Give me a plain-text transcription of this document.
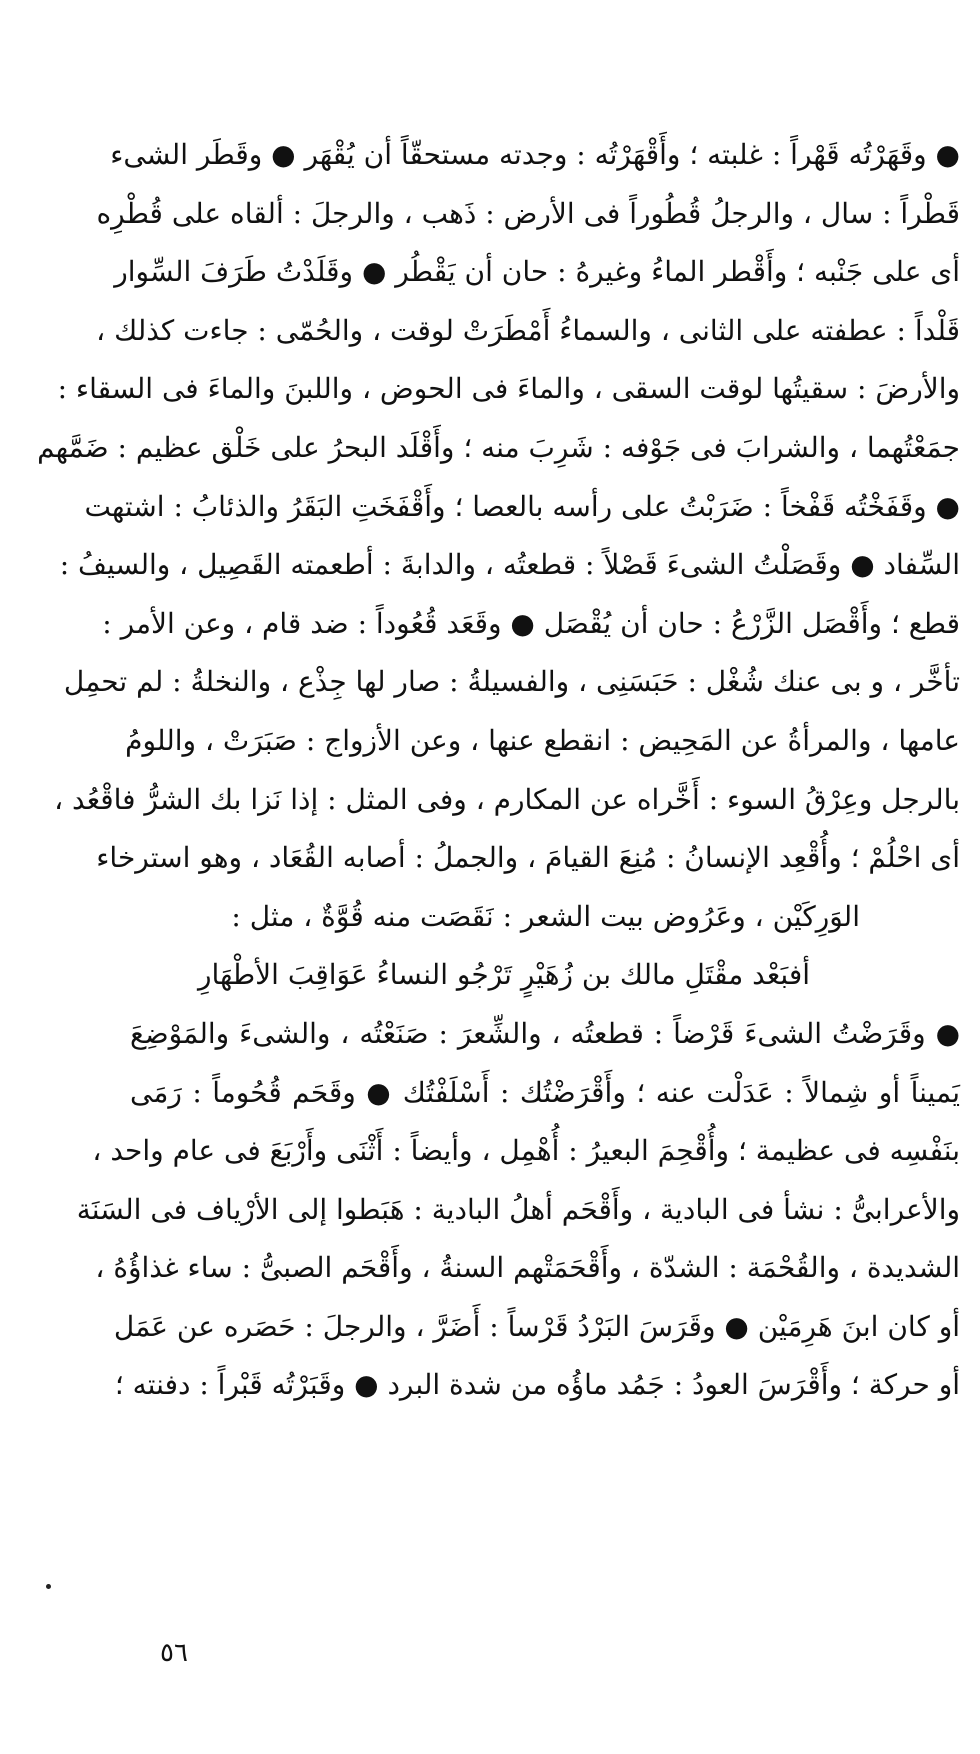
● وقَهَرْتُه قَهْراً : غلبته ؛ وأَقْهَرْتُه : وجدته مستحقّاً أن يُقْهَر ● وقَطَر الشىء
قَطْراً : سال ، والرجلُ قُطُوراً فى الأرض : ذَهب ، والرجلَ : ألقاه على قُطْرِه
أى على جَنْبه ؛ وأَقْطر الماءُ وغيرهُ : حان أن يَقْطُر ● وقَلَدْتُ طَرَفَ السِّوار
قَلْداً : عطفته على الثانى ، والسماءُ أَمْطَرَتْ لوقت ، والحُمّى : جاءت كذلك ،
والأرضَ : سقيتُها لوقت السقى ، والماءَ فى الحوض ، واللبنَ والماءَ فى السقاء :
جمَعْتُهما ، والشرابَ فى جَوْفه : شَرِبَ منه ؛ وأَقْلَد البحرُ على خَلْق عظيم : ضَمَّهم
● وقَفَخْتُه قَفْخاً : ضَرَبْتُ على رأسه بالعصا ؛ وأَقْفَخَتِ البَقَرُ والذئابُ : اشتهت
السِّفاد ● وقَصَلْتُ الشىءَ قَصْلاً : قطعتُه ، والدابةَ : أطعمته القَصِيل ، والسيفُ :
قطع ؛ وأَقْصَل الزَّرْعُ : حان أن يُقْصَل ● وقَعَد قُعُوداً : ضد قام ، وعن الأمر :
تأخَّر ، و بى عنك شُغْل : حَبَسَنِى ، والفسيلةُ : صار لها جِذْع ، والنخلةُ : لم تحمِل
عامها ، والمرأةُ عن المَحِيض : انقطع عنها ، وعن الأزواج : صَبَرَتْ ، واللومُ
بالرجل وعِرْقُ السوء : أَخَّراه عن المكارم ، وفى المثل : إذا نَزا بك الشرُّ فاقْعُد ،
أى احْلُمْ ؛ وأُقْعِد الإنسانُ : مُنِعَ القيامَ ، والجملُ : أصابه القُعَاد ، وهو استرخاء
الوَرِكَيْن ، وعَرُوض بيت الشعر : نَقَصَت منه قُوَّةٌ ، مثل :
أفبَعْد مقْتَلِ مالك بن زُهَيْرٍ تَرْجُو النساءُ عَوَاقِبَ الأطْهَارِ
● وقَرَضْتُ الشىءَ قَرْضاً : قطعتُه ، والشِّعرَ : صَنَعْتُه ، والشىءَ والمَوْضِعَ
يَميناً أو شِمالاً : عَدَلْت عنه ؛ وأَقْرَضْتُك : أَسْلَفْتُك ● وقَحَم قُحُوماً : رَمَى
بنَفْسِه فى عظيمة ؛ وأُقْحِمَ البعيرُ : أُهْمِل ، وأيضاً : أَثْنَى وأَرْبَعَ فى عام واحد ،
والأعرابىُّ : نشأ فى البادية ، وأَقْحَم أهلُ البادية : هَبَطوا إلى الأرْياف فى السَنَة
الشديدة ، والقُحْمَة : الشدّة ، وأَقْحَمَتْهم السنةُ ، وأَقْحَم الصبىُّ : ساء غذاؤُهُ ،
أو كان ابنَ هَرِمَيْن ● وقَرَسَ البَرْدُ قَرْساً : أَضَرَّ ، والرجلَ : حَصَره عن عَمَل
أو حركة ؛ وأَقْرَسَ العودُ : جَمُد ماؤُه من شدة البرد ● وقَبَرْتُه قَبْراً : دفنته ؛
٥٦
